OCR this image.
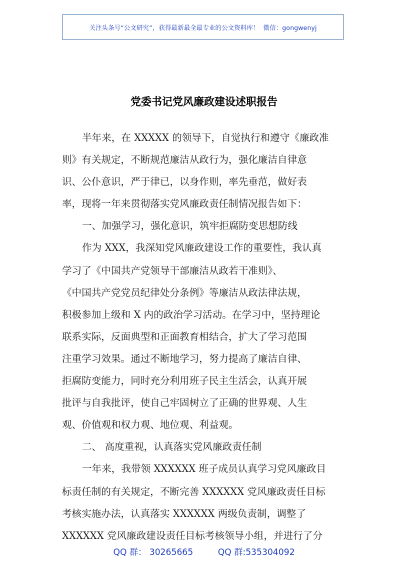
关注头条号“公文研究”，获得最新最全最专业的公文资料库！ 微信：gongwenyj
党委书记党风廉政建设述职报告
半年来，在 XXXXX 的领导下，自觉执行和遵守《廉政准
则》有关规定，不断规范廉洁从政行为，强化廉洁自律意
识、公仆意识，严于律已，以身作则，率先垂范，做好表
率，现将一年来贯彻落实党风廉政责任制情况报告如下：
一、加强学习，强化意识，筑牢拒腐防变思想防线
作为 XXX，我深知党风廉政建设工作的重要性，我认真
学习了《中国共产党领导干部廉洁从政若干准则》、
《中国共产党党员纪律处分条例》等廉洁从政法律法规，
积极参加上级和 X 内的政治学习活动。在学习中，坚持理论
联系实际，反面典型和正面教育相结合，扩大了学习范围
注重学习效果。通过不断地学习，努力提高了廉洁自律、
拒腐防变能力，同时充分利用班子民主生活会，认真开展
批评与自我批评，使自己牢固树立了正确的世界观、人生
观、价值观和权力观、地位观、利益观。
二、 高度重视，认真落实党风廉政责任制
一年来，我带领 XXXXXX 班子成员认真学习党风廉政目
标责任制的有关规定，不断完善 XXXXXX 党风廉政责任目标
考核实施办法，认真落实 XXXXXX 两级负责制，调整了
XXXXXX 党风廉政建设责任目标考核领导小组，并进行了分
QQ 群： 30265665	QQ 群:535304092
